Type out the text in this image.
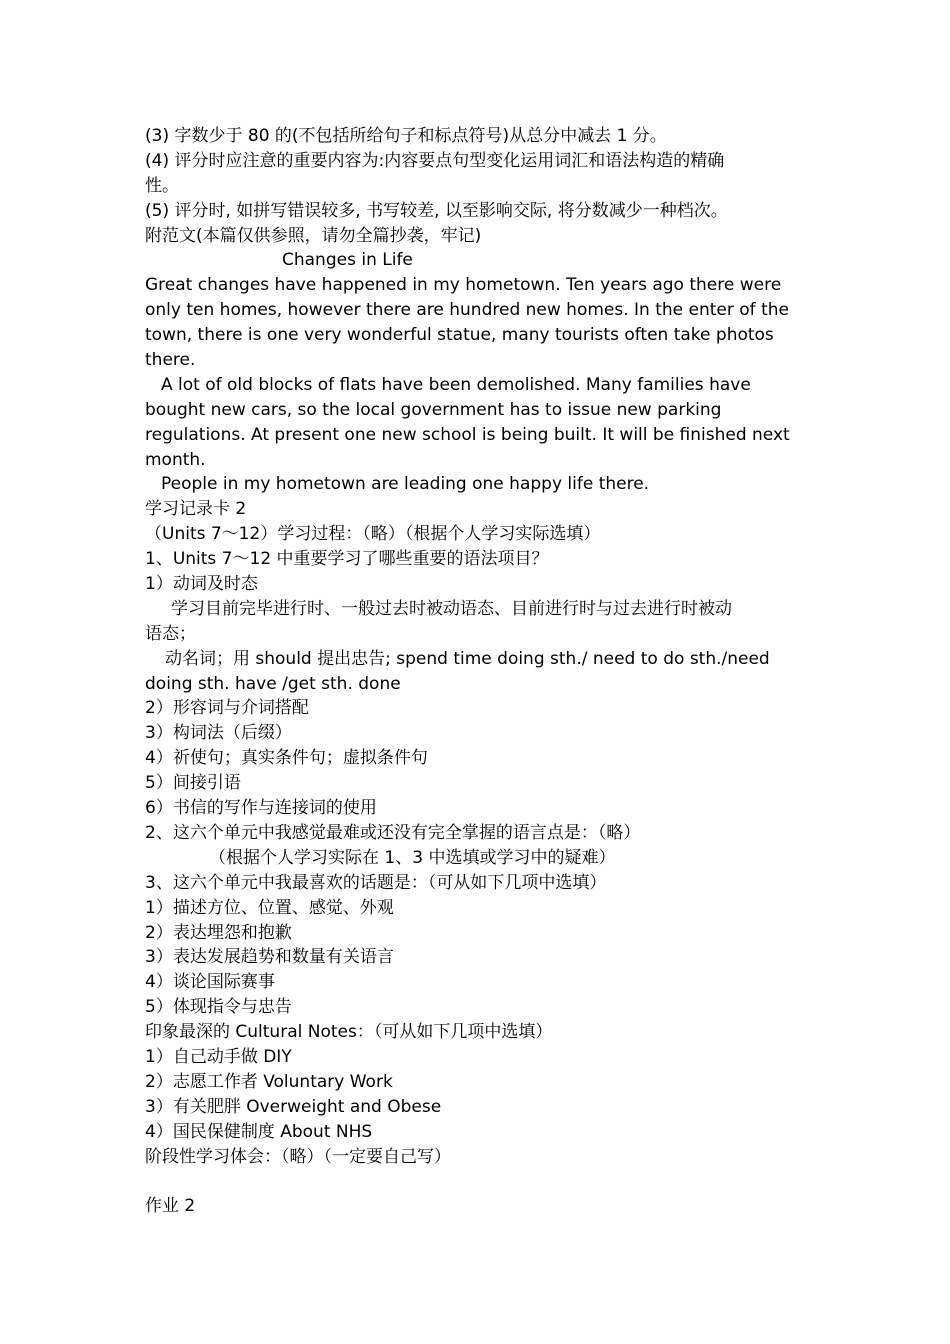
(3) 字数少于 80 的(不包括所给句子和标点符号)从总分中减去 1 分。
(4) 评分时应注意的重要内容为:内容要点句型变化运用词汇和语法构造的精确
性。
(5) 评分时, 如拼写错误较多, 书写较差, 以至影响交际, 将分数减少一种档次。
附范文(本篇仅供参照，请勿全篇抄袭，牢记)
Changes in Life
Great changes have happened in my hometown. Ten years ago there were
only ten homes, however there are hundred new homes. In the enter of the
town, there is one very wonderful statue, many tourists often take photos
there.
A lot of old blocks of flats have been demolished. Many families have
bought new cars, so the local government has to issue new parking
regulations. At present one new school is being built. It will be finished next
month.
People in my hometown are leading one happy life there.
学习记录卡 2
（Units 7～12）学习过程：（略）（根据个人学习实际选填）
1、Units 7～12 中重要学习了哪些重要的语法项目？
1）动词及时态
学习目前完毕进行时、一般过去时被动语态、目前进行时与过去进行时被动
语态；
动名词；用 should 提出忠告; spend time doing sth./ need to do sth./need
doing sth. have /get sth. done
2）形容词与介词搭配
3）构词法（后缀）
4）祈使句；真实条件句；虚拟条件句
5）间接引语
6）书信的写作与连接词的使用
2、这六个单元中我感觉最难或还没有完全掌握的语言点是：（略）
（根据个人学习实际在 1、3 中选填或学习中的疑难）
3、这六个单元中我最喜欢的话题是：（可从如下几项中选填）
1）描述方位、位置、感觉、外观
2）表达埋怨和抱歉
3）表达发展趋势和数量有关语言
4）谈论国际赛事
5）体现指令与忠告
印象最深的 Cultural Notes：（可从如下几项中选填）
1）自己动手做 DIY
2）志愿工作者 Voluntary Work
3）有关肥胖 Overweight and Obese
4）国民保健制度 About NHS
阶段性学习体会：（略）（一定要自己写）
作业 2
